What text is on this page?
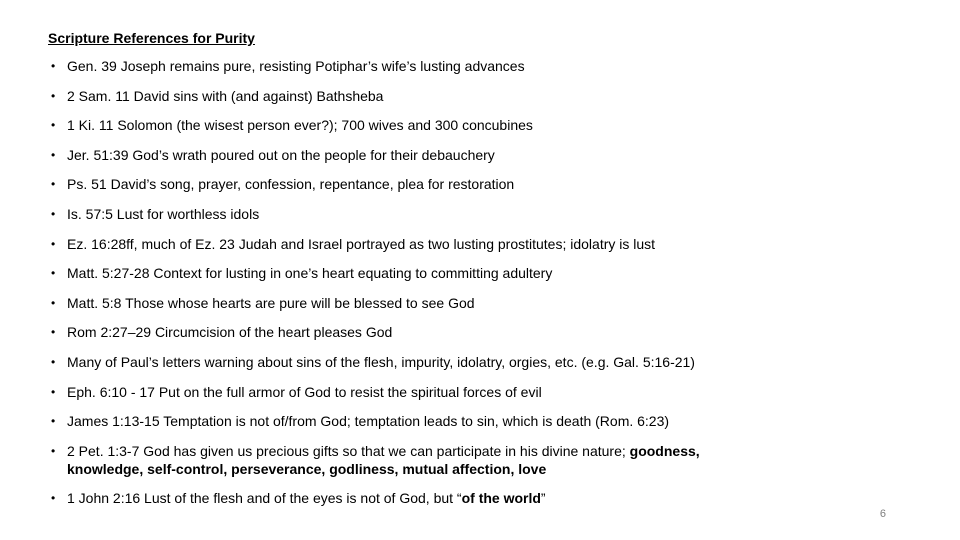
Scripture References for Purity
• Gen. 39 Joseph remains pure, resisting Potiphar’s wife’s lusting advances
• 2 Sam. 11 David sins with (and against) Bathsheba
• 1 Ki. 11 Solomon (the wisest person ever?); 700 wives and 300 concubines
• Jer. 51:39 God’s wrath poured out on the people for their debauchery
• Ps. 51 David’s song, prayer, confession, repentance, plea for restoration
• Is. 57:5 Lust for worthless idols
• Ez. 16:28ff, much of Ez. 23 Judah and Israel portrayed as two lusting prostitutes; idolatry is lust
• Matt. 5:27-28 Context for lusting in one’s heart equating to committing adultery
• Matt. 5:8 Those whose hearts are pure will be blessed to see God
• Rom 2:27–29 Circumcision of the heart pleases God
• Many of Paul’s letters warning about sins of the flesh, impurity, idolatry, orgies, etc. (e.g. Gal. 5:16-21)
• Eph. 6:10 - 17 Put on the full armor of God to resist the spiritual forces of evil
• James 1:13-15 Temptation is not of/from God; temptation leads to sin, which is death (Rom. 6:23)
• 2 Pet. 1:3-7 God has given us precious gifts so that we can participate in his divine nature; goodness,
knowledge, self-control, perseverance, godliness, mutual affection, love
• 1 John 2:16 Lust of the flesh and of the eyes is not of God, but “of the world”
6
